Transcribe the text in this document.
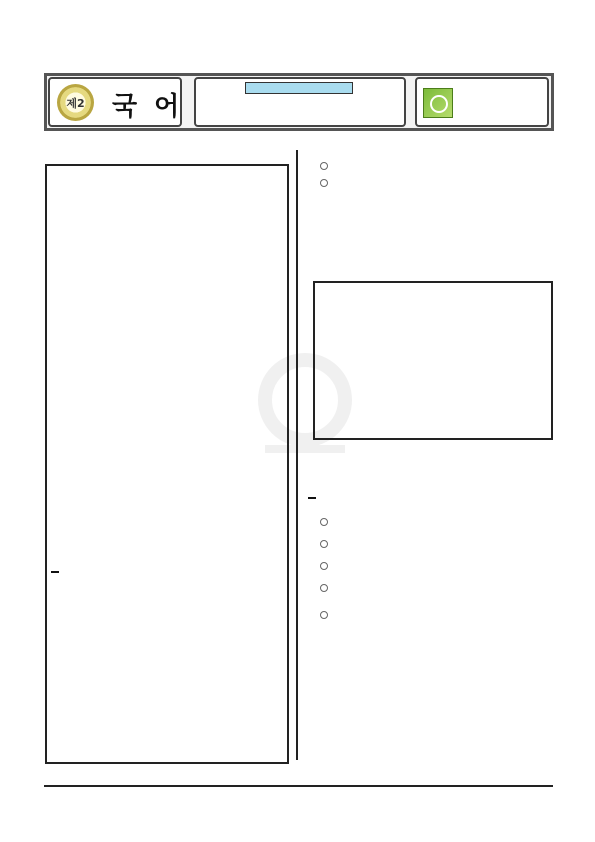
제2 국 어
